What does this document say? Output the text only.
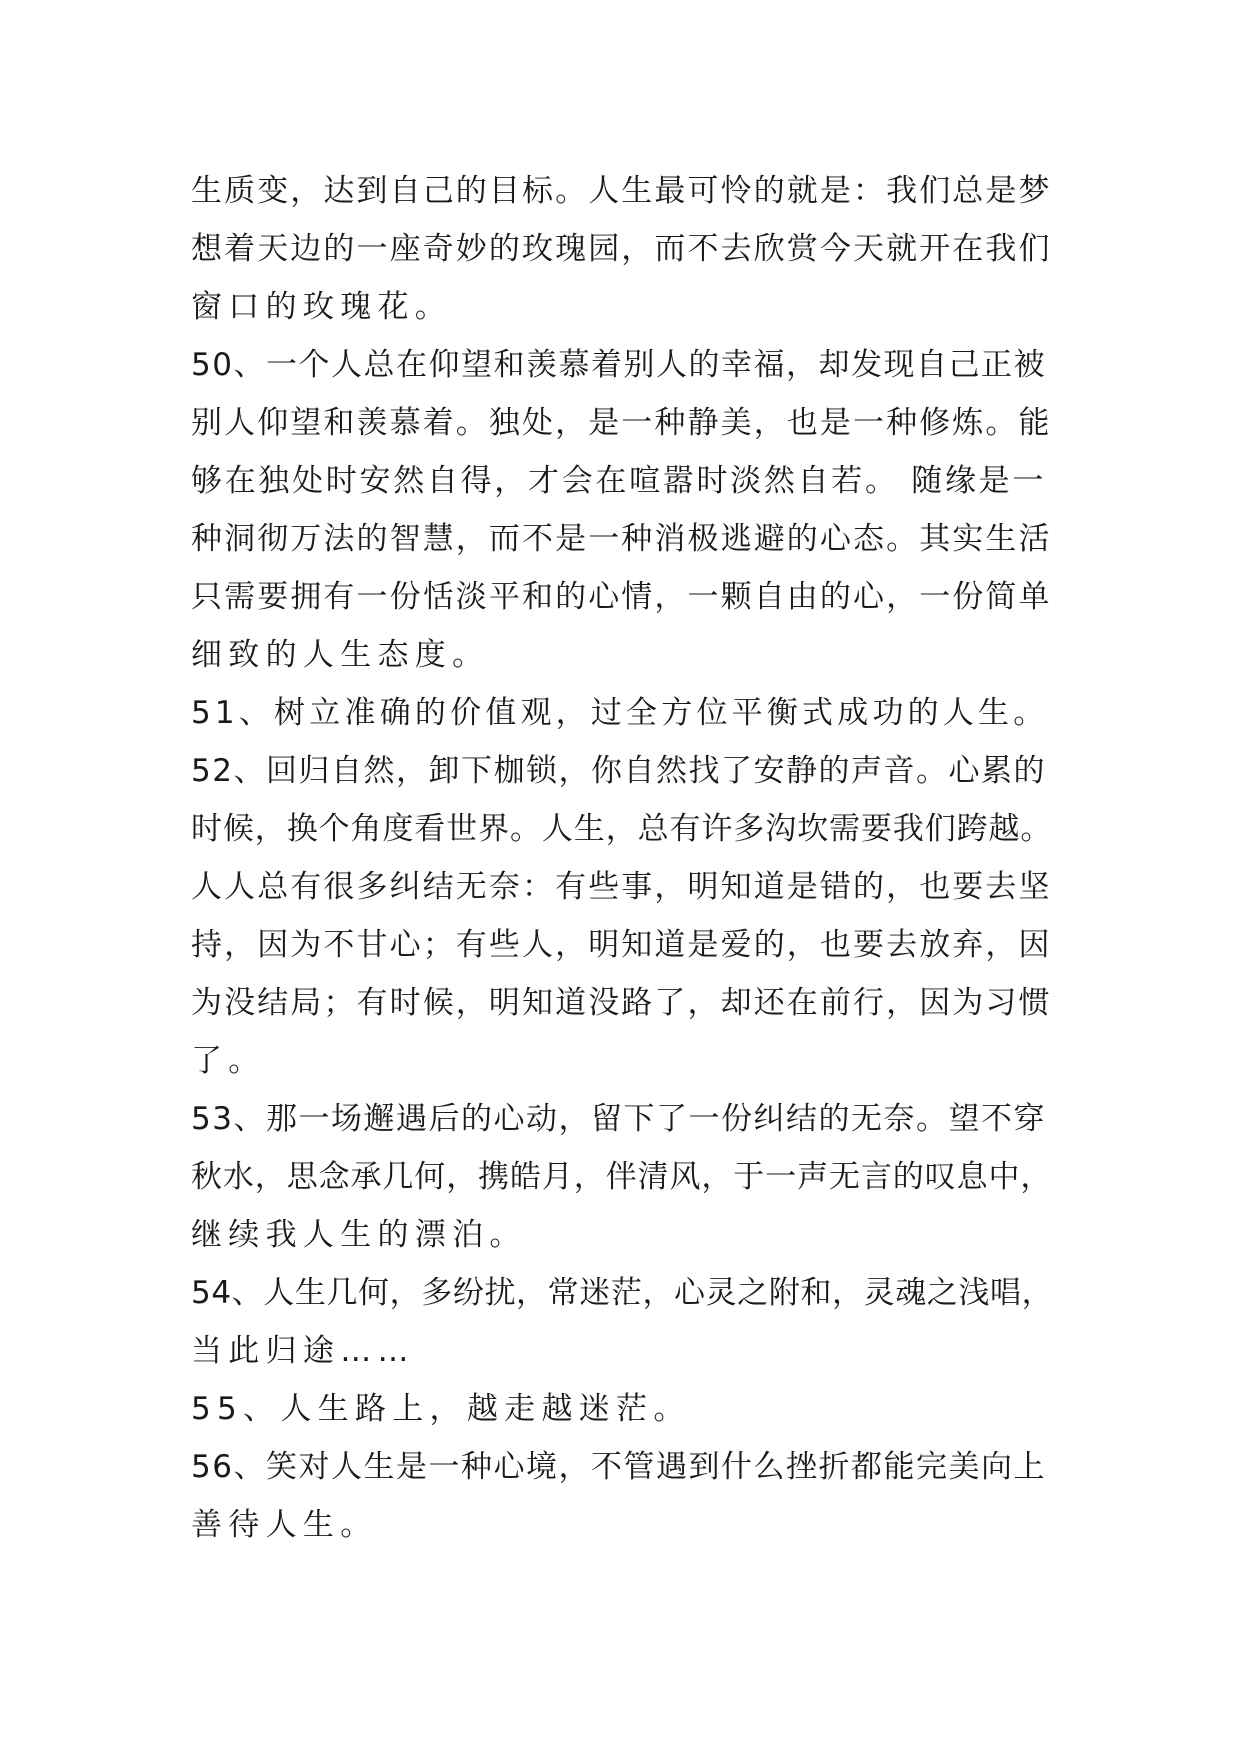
生质变，达到自己的目标。人生最可怜的就是：我们总是梦
想着天边的一座奇妙的玫瑰园，而不去欣赏今天就开在我们
窗口的玫瑰花。
50、一个人总在仰望和羡慕着别人的幸福，却发现自己正被
别人仰望和羡慕着。独处，是一种静美，也是一种修炼。能
够在独处时安然自得，才会在喧嚣时淡然自若。 随缘是一
种洞彻万法的智慧，而不是一种消极逃避的心态。其实生活
只需要拥有一份恬淡平和的心情，一颗自由的心，一份简单
细致的人生态度。
51、树立准确的价值观，过全方位平衡式成功的人生。
52、回归自然，卸下枷锁，你自然找了安静的声音。心累的
时候，换个角度看世界。人生，总有许多沟坎需要我们跨越。
人人总有很多纠结无奈：有些事，明知道是错的，也要去坚
持，因为不甘心；有些人，明知道是爱的，也要去放弃，因
为没结局；有时候，明知道没路了，却还在前行，因为习惯
了。
53、那一场邂遇后的心动，留下了一份纠结的无奈。望不穿
秋水，思念承几何，携皓月，伴清风，于一声无言的叹息中，
继续我人生的漂泊。
54、人生几何，多纷扰，常迷茫，心灵之附和，灵魂之浅唱，
当此归途……
55、人生路上，越走越迷茫。
56、笑对人生是一种心境，不管遇到什么挫折都能完美向上
善待人生。
